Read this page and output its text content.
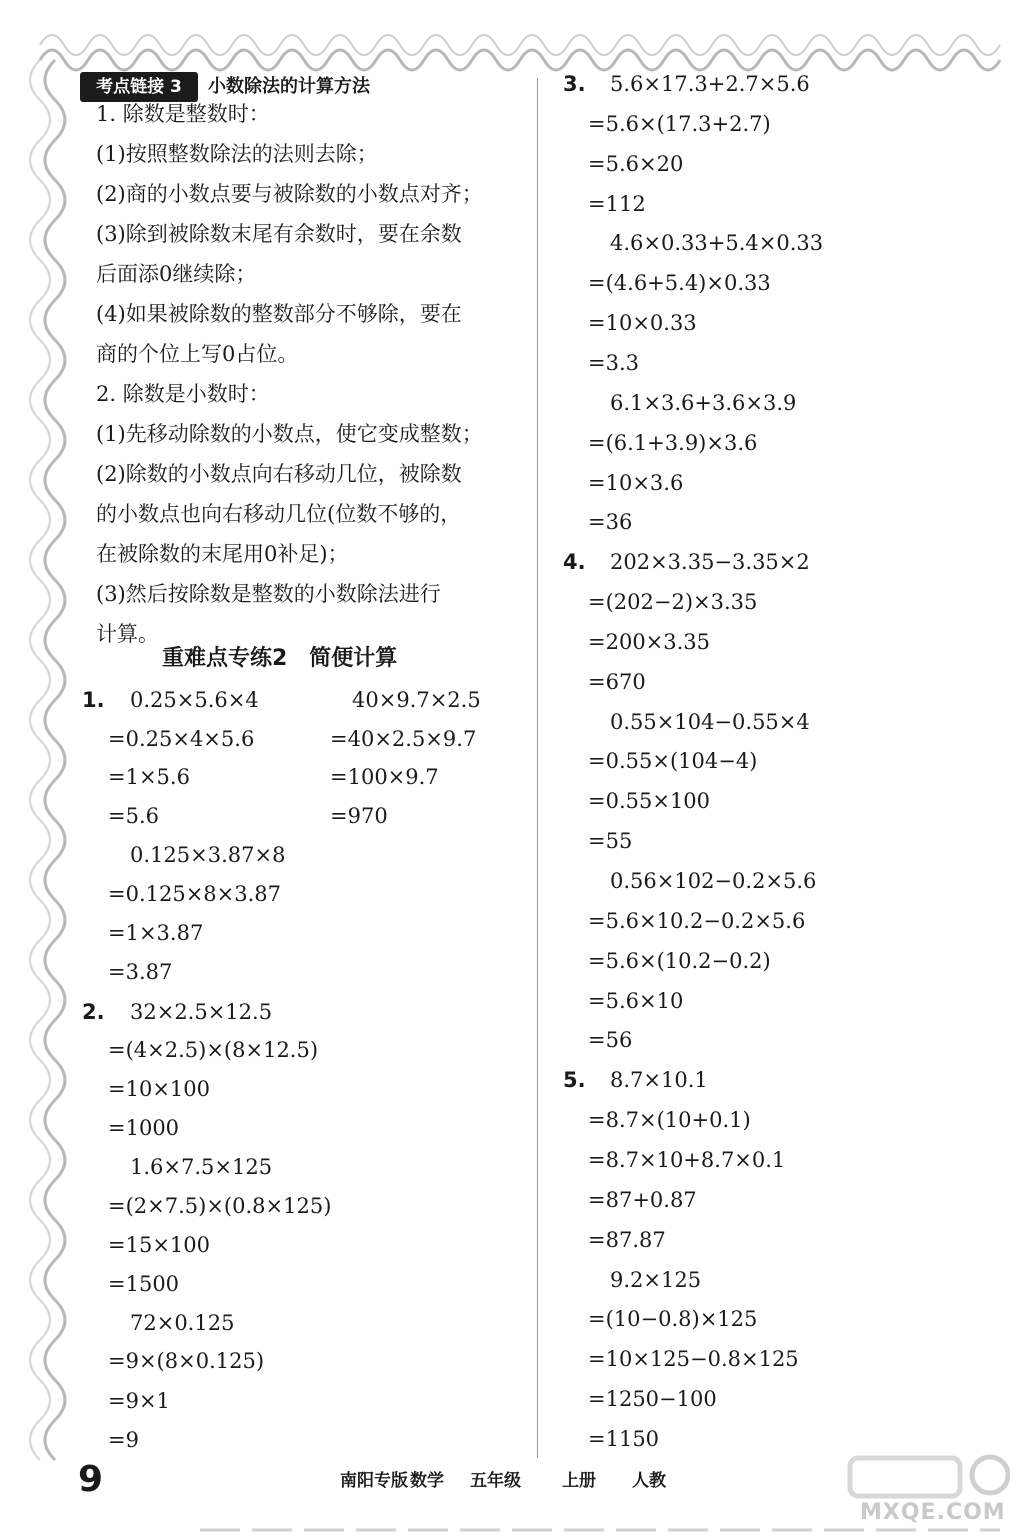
考点链接 3	小数除法的计算方法
1. 除数是整数时：
(1)按照整数除法的法则去除；
(2)商的小数点要与被除数的小数点对齐；
(3)除到被除数末尾有余数时，要在余数
后面添0继续除；
(4)如果被除数的整数部分不够除，要在
商的个位上写0占位。
2. 除数是小数时：
(1)先移动除数的小数点，使它变成整数；
(2)除数的小数点向右移动几位，被除数
的小数点也向右移动几位(位数不够的，
在被除数的末尾用0补足)；
(3)然后按除数是整数的小数除法进行
计算。
重难点专练2　简便计算
1.
2.
0.25×5.6×4
=0.25×4×5.6
=1×5.6
=5.6
0.125×3.87×8
=0.125×8×3.87
=1×3.87
=3.87
32×2.5×12.5
=(4×2.5)×(8×12.5)
=10×100
=1000
1.6×7.5×125
=(2×7.5)×(0.8×125)
=15×100
=1500
72×0.125
=9×(8×0.125)
=9×1
=9
40×9.7×2.5
=40×2.5×9.7
=100×9.7
=970
3.
4.
5.
5.6×17.3+2.7×5.6
=5.6×(17.3+2.7)
=5.6×20
=112
4.6×0.33+5.4×0.33
=(4.6+5.4)×0.33
=10×0.33
=3.3
6.1×3.6+3.6×3.9
=(6.1+3.9)×3.6
=10×3.6
=36
202×3.35−3.35×2
=(202−2)×3.35
=200×3.35
=670
0.55×104−0.55×4
=0.55×(104−4)
=0.55×100
=55
0.56×102−0.2×5.6
=5.6×10.2−0.2×5.6
=5.6×(10.2−0.2)
=5.6×10
=56
8.7×10.1
=8.7×(10+0.1)
=8.7×10+8.7×0.1
=87+0.87
=87.87
9.2×125
=(10−0.8)×125
=10×125−0.8×125
=1250−100
=1150
9	南阳专版 数学 五年级 上册 人教
MXQE.COM
